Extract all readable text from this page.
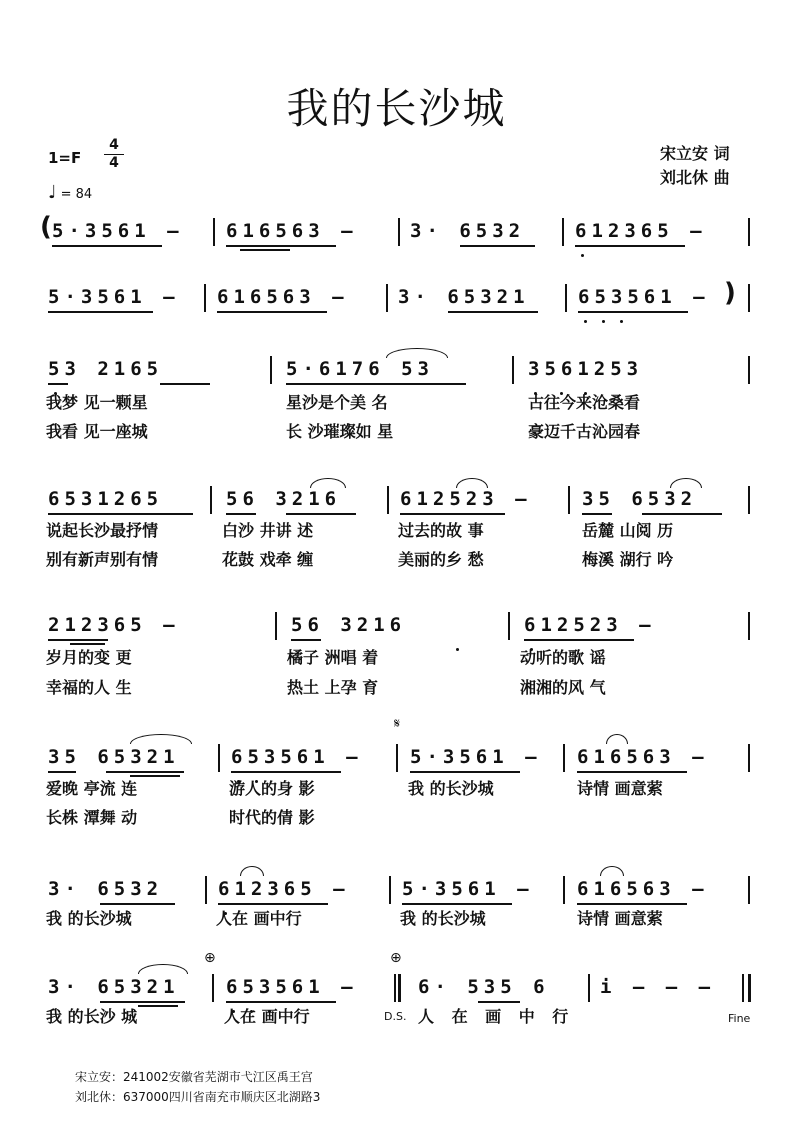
我的长沙城
1=F
4
4
♩ = 84
宋立安 词
刘北休 曲
( 5·3561 – 616563 –	3· 6532	612365 –
5·3561 – 616563 –	3· 65321	653561 – )
53 2165	5·6176 53	3561253
我梦 见一颗星	星沙是个美 名	古往今来沧桑看
我看 见一座城	长 沙璀璨如 星	豪迈千古沁园春
6531265	56 3216	612523 –	35 6532
说起长沙最抒情	白沙 井讲 述	过去的故 事	岳麓 山阅 历
别有新声别有情	花鼓 戏牵 缠	美丽的乡 愁	梅溪 湖行 吟
212365 –	56 3216	612523 –
岁月的变 更	橘子 洲唱 着	动听的歌 谣
幸福的人 生	热土 上孕 育	湘湘的风 气
35 65321	653561 – 5·3561 – 616563 –
𝄋
爱晚 亭流 连	游人的身 影	我 的长沙城	诗情 画意萦
长株 潭舞 动	时代的倩 影
3· 6532	612365 –	5·3561 – 616563 –
我 的长沙城	人在 画中行	我 的长沙城	诗情 画意萦
3· 65321 653561 –	6· 535 6	i – – –
⊕	⊕
我 的长沙 城	人在 画中行	D.S. 人 在 画 中 行	Fine
宋立安：241002安徽省芜湖市弋江区禹王宫
刘北休：637000四川省南充市顺庆区北湖路3
